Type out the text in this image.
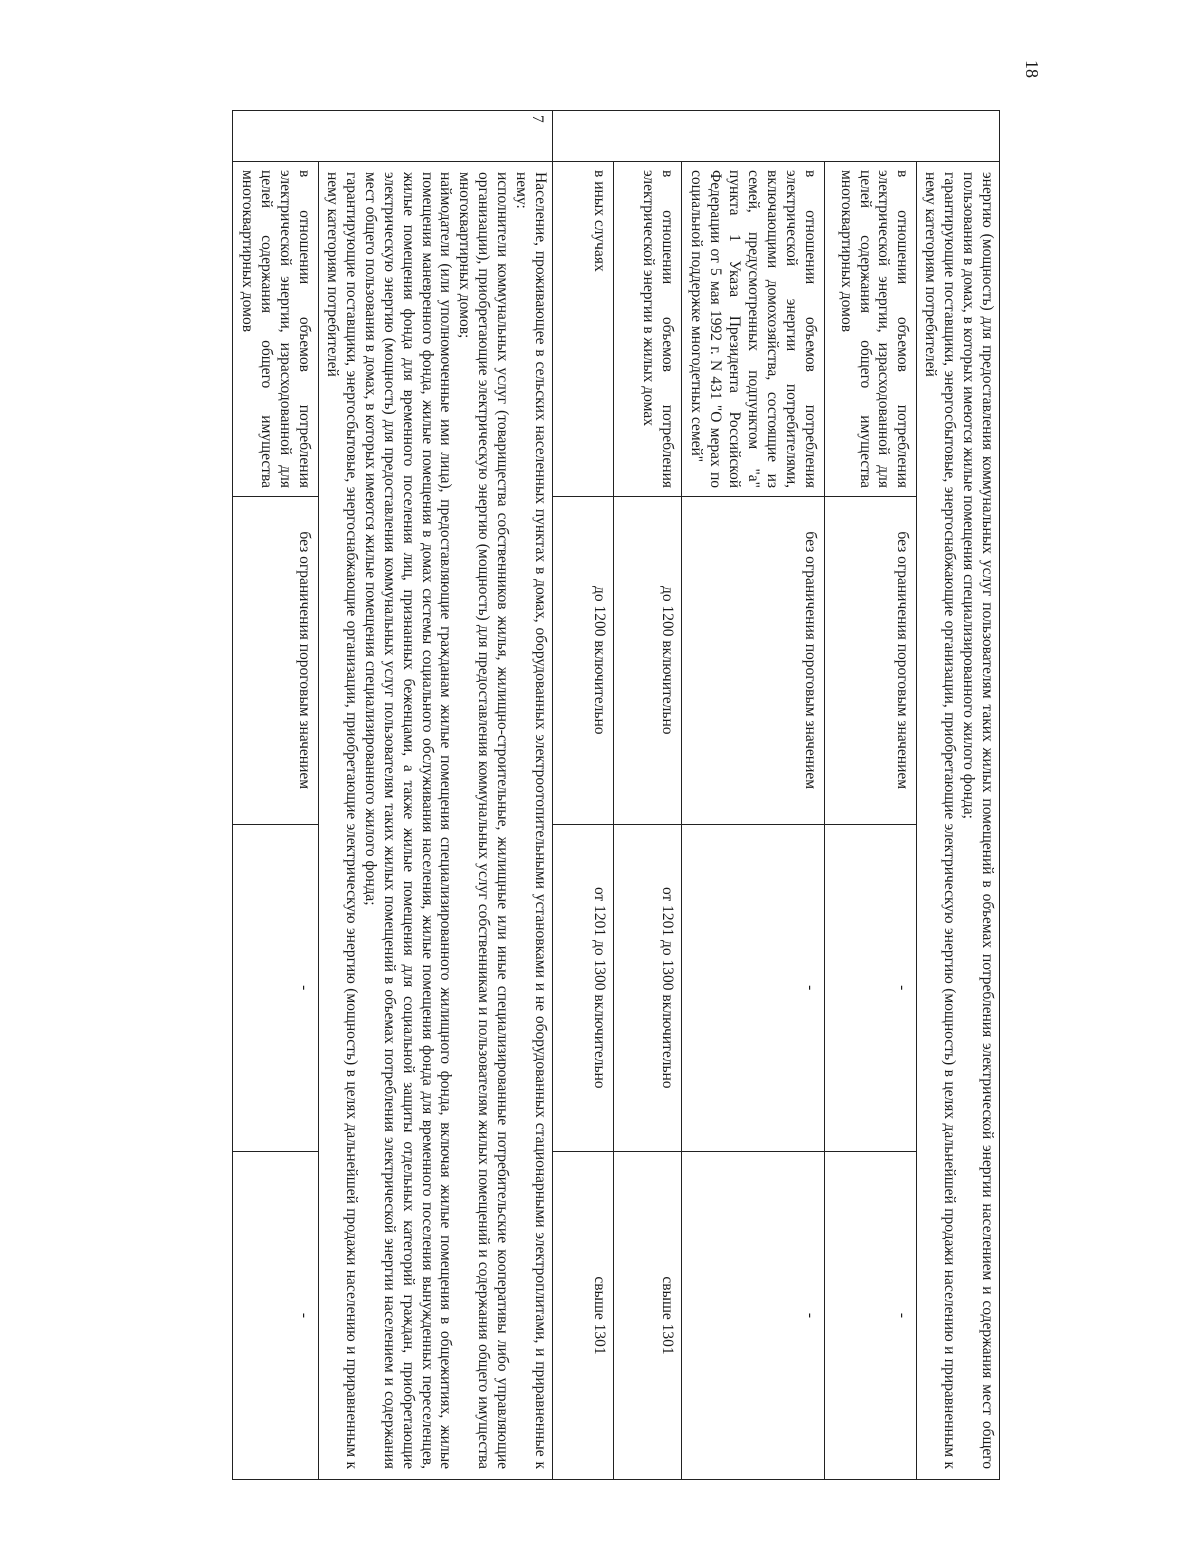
18

энергию (мощность) для предоставления коммунальных услуг пользователям таких жилых помещений в объемах потребления электрической энергии населением и содержания мест общего пользования в домах, в которых имеются жилые помещения специализированного жилого фонда;
гарантирующие поставщики, энергосбытовые, энергоснабжающие организации, приобретающие электрическую энергию (мощность) в целях дальнейшей продажи населению и приравненным к нему категориям потребителей

в отношении объемов потребления электрической энергии, израсходованной для целей содержания общего имущества многоквартирных домов	без ограничения пороговым значением	-	-
в отношении объемов потребления электрической энергии потребителями, включающими домохозяйства, состоящие из семей, предусмотренных подпунктом "а" пункта 1 Указа Президента Российской Федерации от 5 мая 1992 г. N 431 "О мерах по социальной поддержке многодетных семей"	без ограничения пороговым значением	-	-
в отношении объемов потребления электрической энергии в жилых домах	до 1200 включительно	от 1201 до 1300 включительно	свыше 1301
в иных случаях	до 1200 включительно	от 1201 до 1300 включительно	свыше 1301

7	
Население, проживающее в сельских населенных пунктах в домах, оборудованных электроотопительными установками и не оборудованных стационарными электроплитами, и приравненные к нему:
исполнители коммунальных услуг (товарищества собственников жилья, жилищно-строительные, жилищные или иные специализированные потребительские кооперативы либо управляющие организации), приобретающие электрическую энергию (мощность) для предоставления коммунальных услуг собственникам и пользователям жилых помещений и содержания общего имущества многоквартирных домов;
наймодатели (или уполномоченные ими лица), предоставляющие гражданам жилые помещения специализированного жилищного фонда, включая жилые помещения в общежитиях, жилые помещения маневренного фонда, жилые помещения в домах системы социального обслуживания населения, жилые помещения фонда для временного поселения вынужденных переселенцев, жилые помещения фонда для временного поселения лиц, признанных беженцами, а также жилые помещения для социальной защиты отдельных категорий граждан, приобретающие электрическую энергию (мощность) для предоставления коммунальных услуг пользователям таких жилых помещений в объемах потребления электрической энергии населением и содержания мест общего пользования в домах, в которых имеются жилые помещения специализированного жилого фонда;
гарантирующие поставщики, энергосбытовые, энергоснабжающие организации, приобретающие электрическую энергию (мощность) в целях дальнейшей продажи населению и приравненным к нему категориям потребителей

в отношении объемов потребления электрической энергии, израсходованной для целей содержания общего имущества многоквартирных домов	без ограничения пороговым значением	-	-
